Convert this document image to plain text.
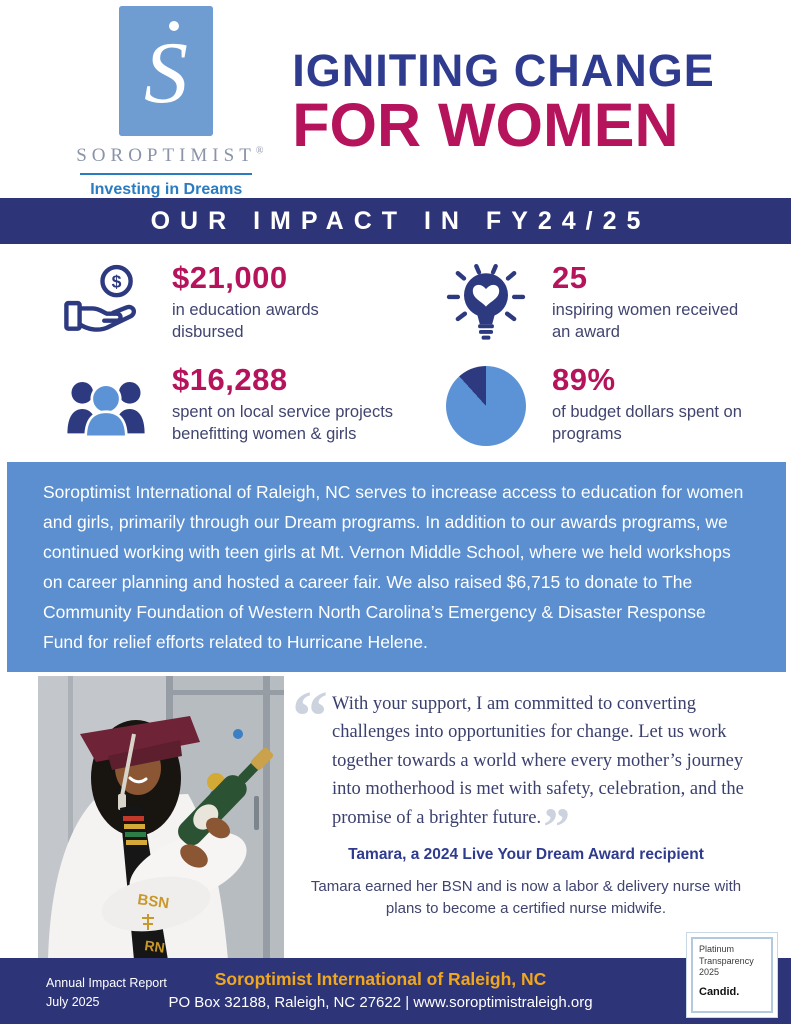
S
SOROPTIMIST®
Investing in Dreams
IGNITING CHANGE
FOR WOMEN
OUR IMPACT IN FY24/25
$ $21,000
in education awards disbursed
25
inspiring women received an award
$16,288
spent on local service projects benefitting women & girls
89%
of budget dollars spent on programs
Soroptimist International of Raleigh, NC serves to increase access to education for women and girls, primarily through our Dream programs. In addition to our awards programs, we continued working with teen girls at Mt. Vernon Middle School, where we held workshops on career planning and hosted a career fair. We also raised $6,715 to donate to The Community Foundation of Western North Carolina’s Emergency & Disaster Response Fund for relief efforts related to Hurricane Helene.
BSN
RN
“ With your support, I am committed to converting challenges into opportunities for change. Let us work together towards a world where every mother’s journey into motherhood is met with safety, celebration, and the promise of a brighter future.”
Tamara, a 2024 Live Your Dream Award recipient
Tamara earned her BSN and is now a labor & delivery nurse with plans to become a certified nurse midwife.
Annual Impact Report
July 2025
Soroptimist International of Raleigh, NC
PO Box 32188, Raleigh, NC 27622 | www.soroptimistraleigh.org
Platinum
Transparency
2025
Candid.
